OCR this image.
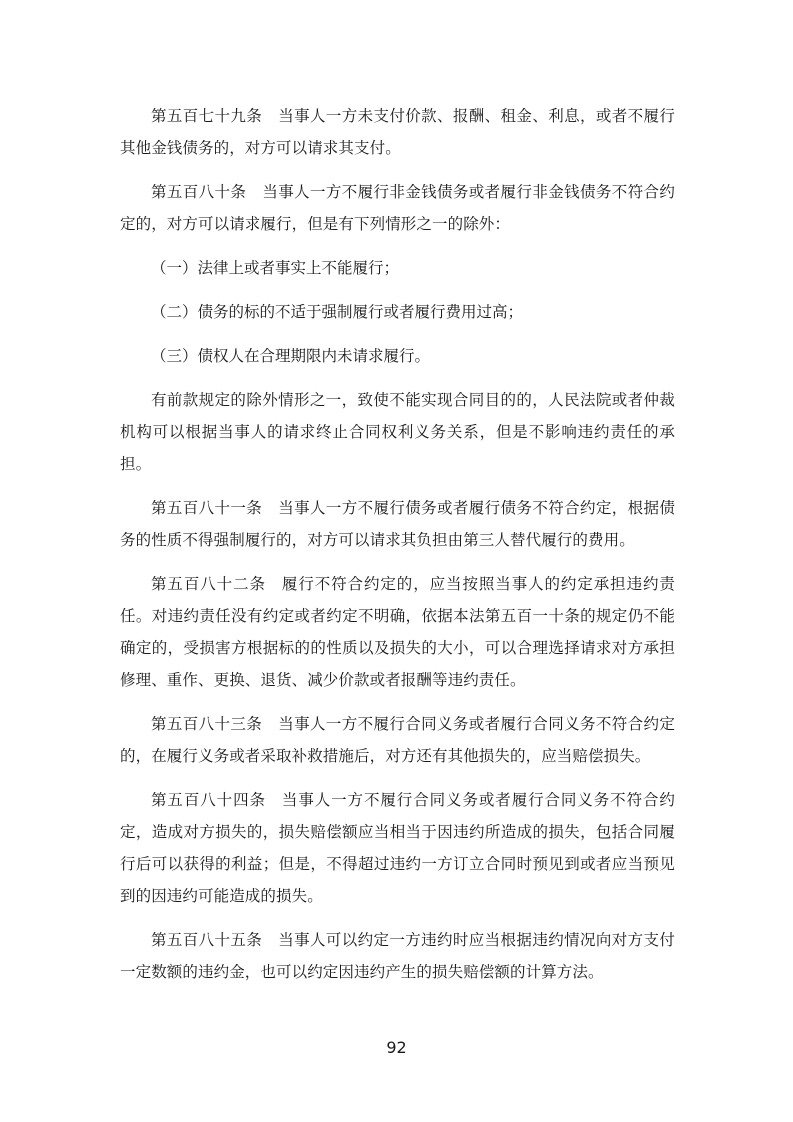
第五百七十九条 当事人一方未支付价款、报酬、租金、利息，或者不履行其他金钱债务的，对方可以请求其支付。

第五百八十条 当事人一方不履行非金钱债务或者履行非金钱债务不符合约定的，对方可以请求履行，但是有下列情形之一的除外：

（一）法律上或者事实上不能履行；

（二）债务的标的不适于强制履行或者履行费用过高；

（三）债权人在合理期限内未请求履行。

有前款规定的除外情形之一，致使不能实现合同目的的，人民法院或者仲裁机构可以根据当事人的请求终止合同权利义务关系，但是不影响违约责任的承担。

第五百八十一条 当事人一方不履行债务或者履行债务不符合约定，根据债务的性质不得强制履行的，对方可以请求其负担由第三人替代履行的费用。

第五百八十二条 履行不符合约定的，应当按照当事人的约定承担违约责任。对违约责任没有约定或者约定不明确，依据本法第五百一十条的规定仍不能确定的，受损害方根据标的的性质以及损失的大小，可以合理选择请求对方承担修理、重作、更换、退货、减少价款或者报酬等违约责任。

第五百八十三条 当事人一方不履行合同义务或者履行合同义务不符合约定的，在履行义务或者采取补救措施后，对方还有其他损失的，应当赔偿损失。

第五百八十四条 当事人一方不履行合同义务或者履行合同义务不符合约定，造成对方损失的，损失赔偿额应当相当于因违约所造成的损失，包括合同履行后可以获得的利益；但是，不得超过违约一方订立合同时预见到或者应当预见到的因违约可能造成的损失。

第五百八十五条 当事人可以约定一方违约时应当根据违约情况向对方支付一定数额的违约金，也可以约定因违约产生的损失赔偿额的计算方法。

92
